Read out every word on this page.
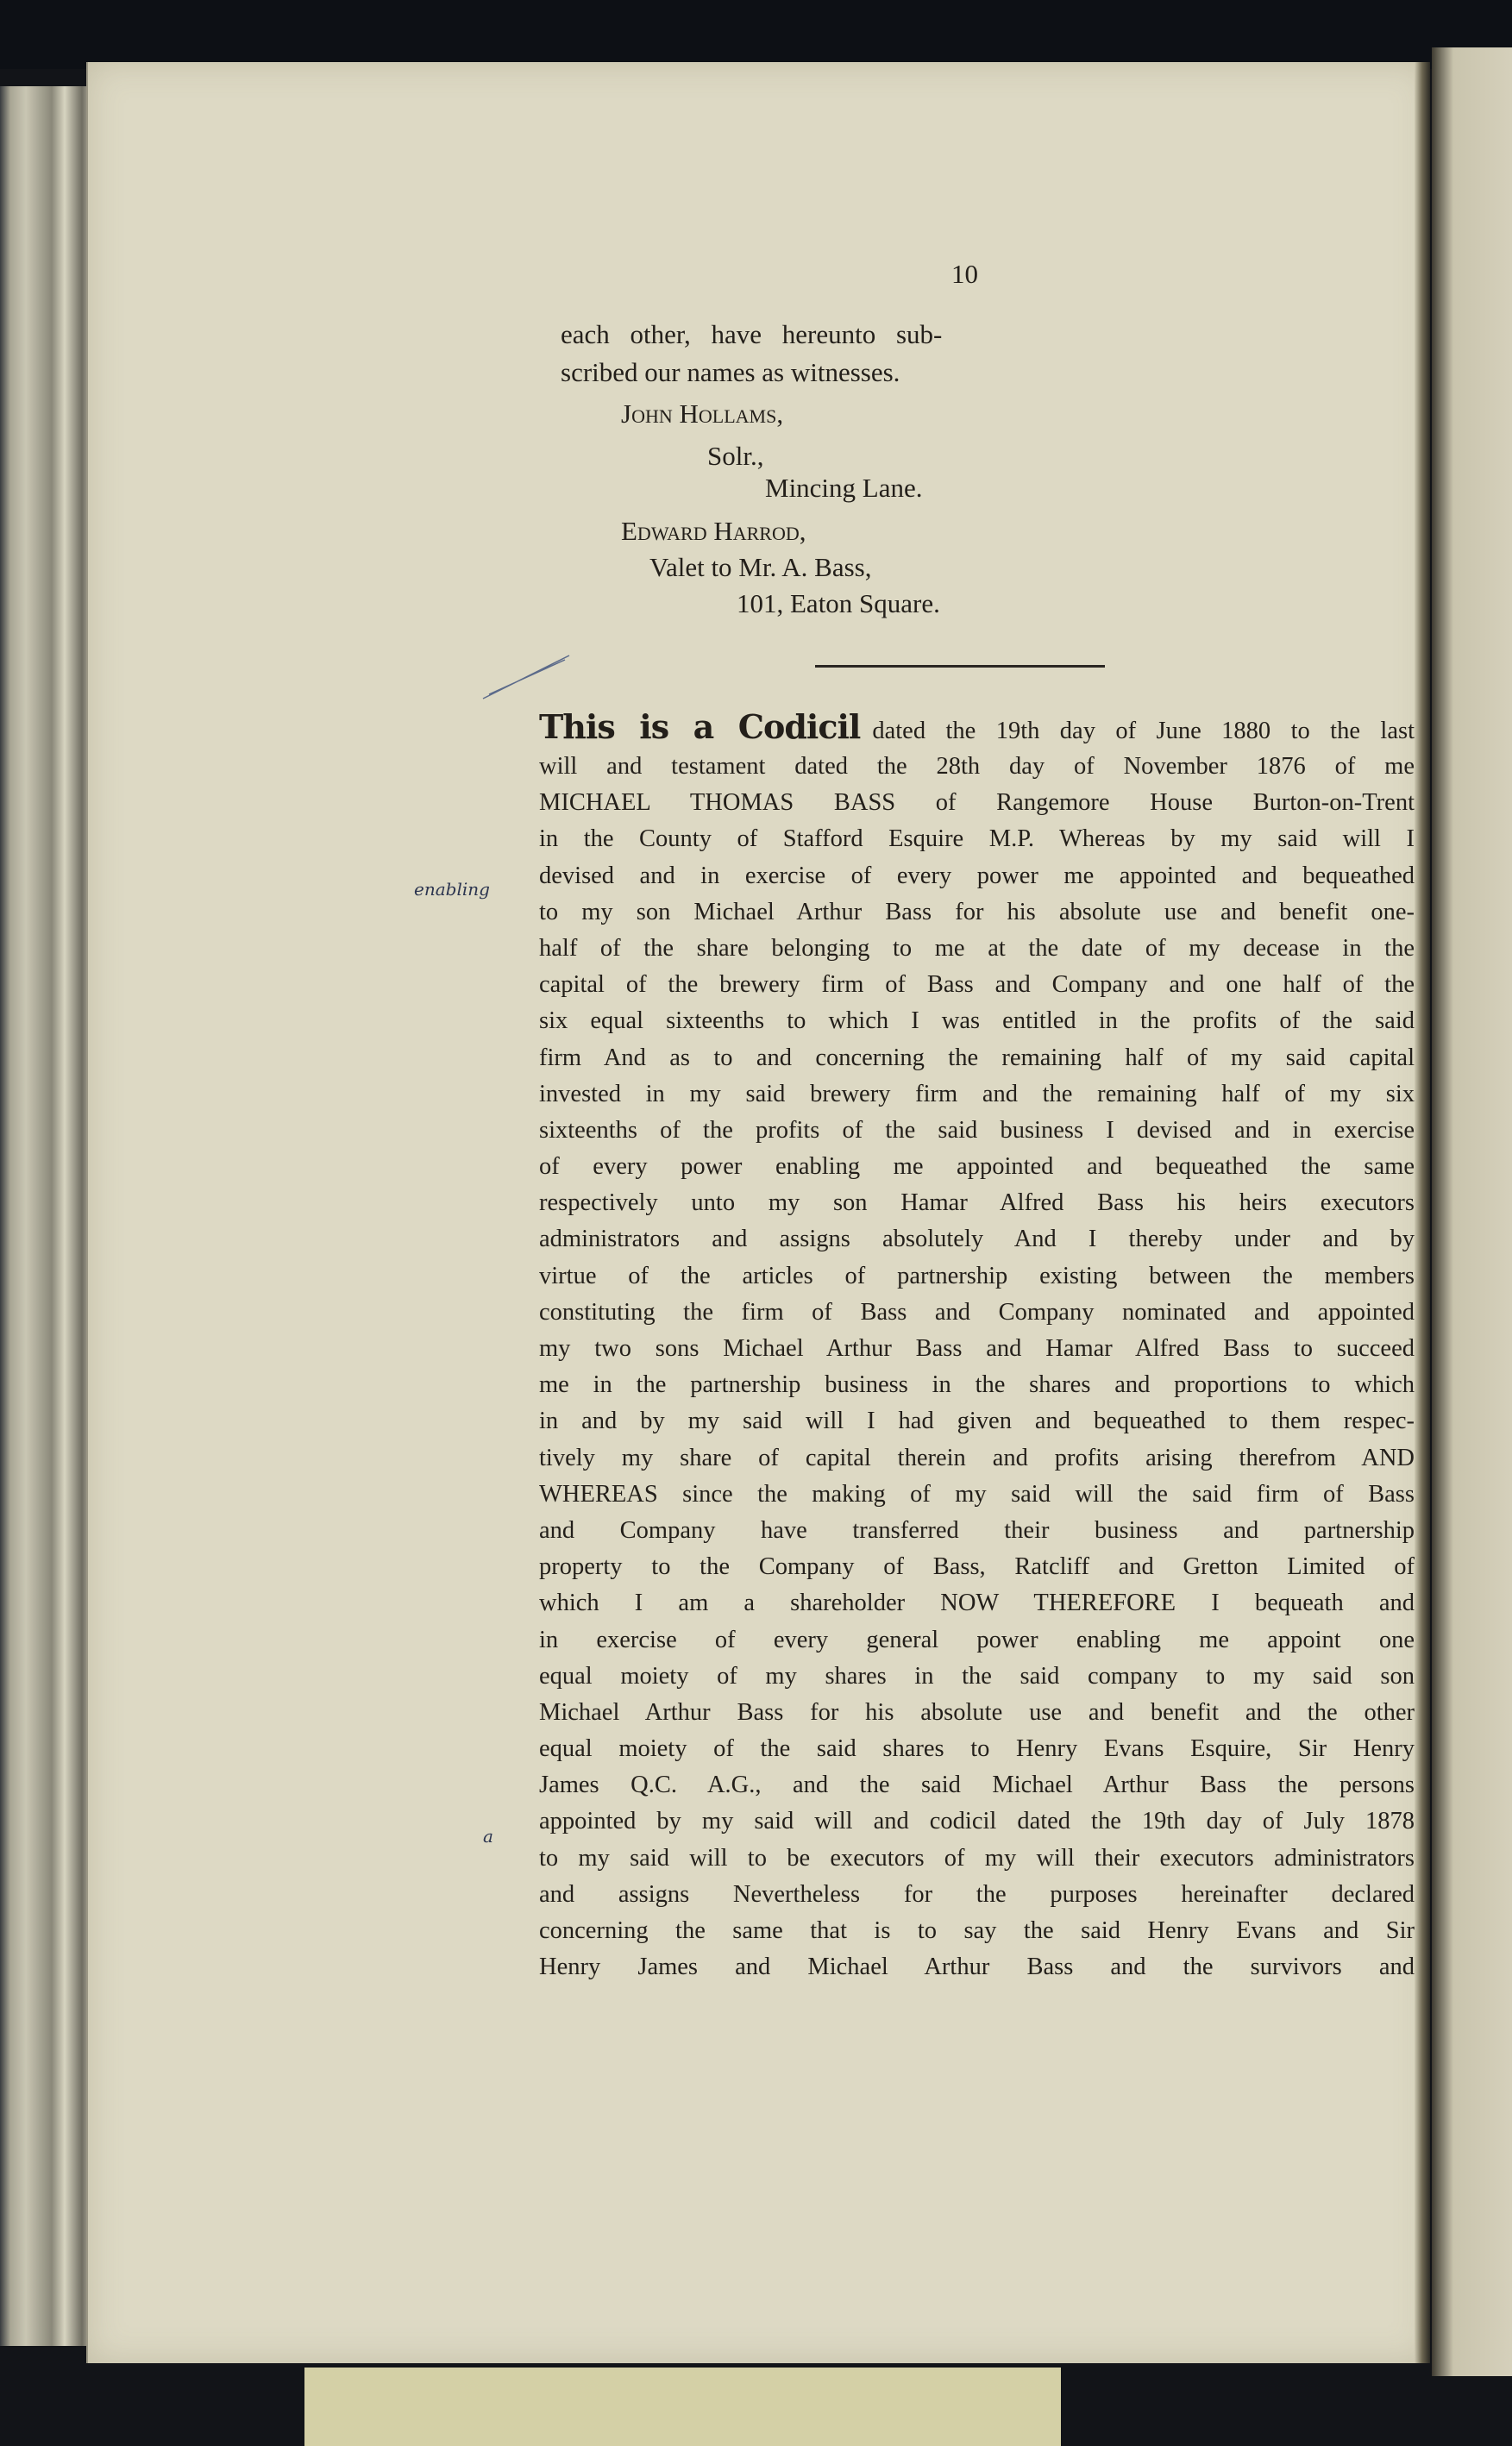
10
each other, have hereunto sub-
scribed our names as witnesses.
John Hollams,
Solr.,
Mincing Lane.
Edward Harrod,
Valet to Mr. A. Bass,
101, Eaton Square.
This is a Codicil dated the 19th day of June 1880 to the last
will and testament dated the 28th day of November 1876 of me
MICHAEL THOMAS BASS of Rangemore House Burton-on-Trent
in the County of Stafford Esquire M.P. Whereas by my said will I
devised and in exercise of every power me appointed and bequeathed
to my son Michael Arthur Bass for his absolute use and benefit one-
half of the share belonging to me at the date of my decease in the
capital of the brewery firm of Bass and Company and one half of the
six equal sixteenths to which I was entitled in the profits of the said
firm And as to and concerning the remaining half of my said capital
invested in my said brewery firm and the remaining half of my six
sixteenths of the profits of the said business I devised and in exercise
of every power enabling me appointed and bequeathed the same
respectively unto my son Hamar Alfred Bass his heirs executors
administrators and assigns absolutely And I thereby under and by
virtue of the articles of partnership existing between the members
constituting the firm of Bass and Company nominated and appointed
my two sons Michael Arthur Bass and Hamar Alfred Bass to succeed
me in the partnership business in the shares and proportions to which
in and by my said will I had given and bequeathed to them respec-
tively my share of capital therein and profits arising therefrom AND
WHEREAS since the making of my said will the said firm of Bass
and Company have transferred their business and partnership
property to the Company of Bass, Ratcliff and Gretton Limited of
which I am a shareholder NOW THEREFORE I bequeath and
in exercise of every general power enabling me appoint one
equal moiety of my shares in the said company to my said son
Michael Arthur Bass for his absolute use and benefit and the other
equal moiety of the said shares to Henry Evans Esquire, Sir Henry
James Q.C. A.G., and the said Michael Arthur Bass the persons
appointed by my said will and codicil dated the 19th day of July 1878
to my said will to be executors of my will their executors administrators
and assigns Nevertheless for the purposes hereinafter declared
concerning the same that is to say the said Henry Evans and Sir
Henry James and Michael Arthur Bass and the survivors and
enabling
a
